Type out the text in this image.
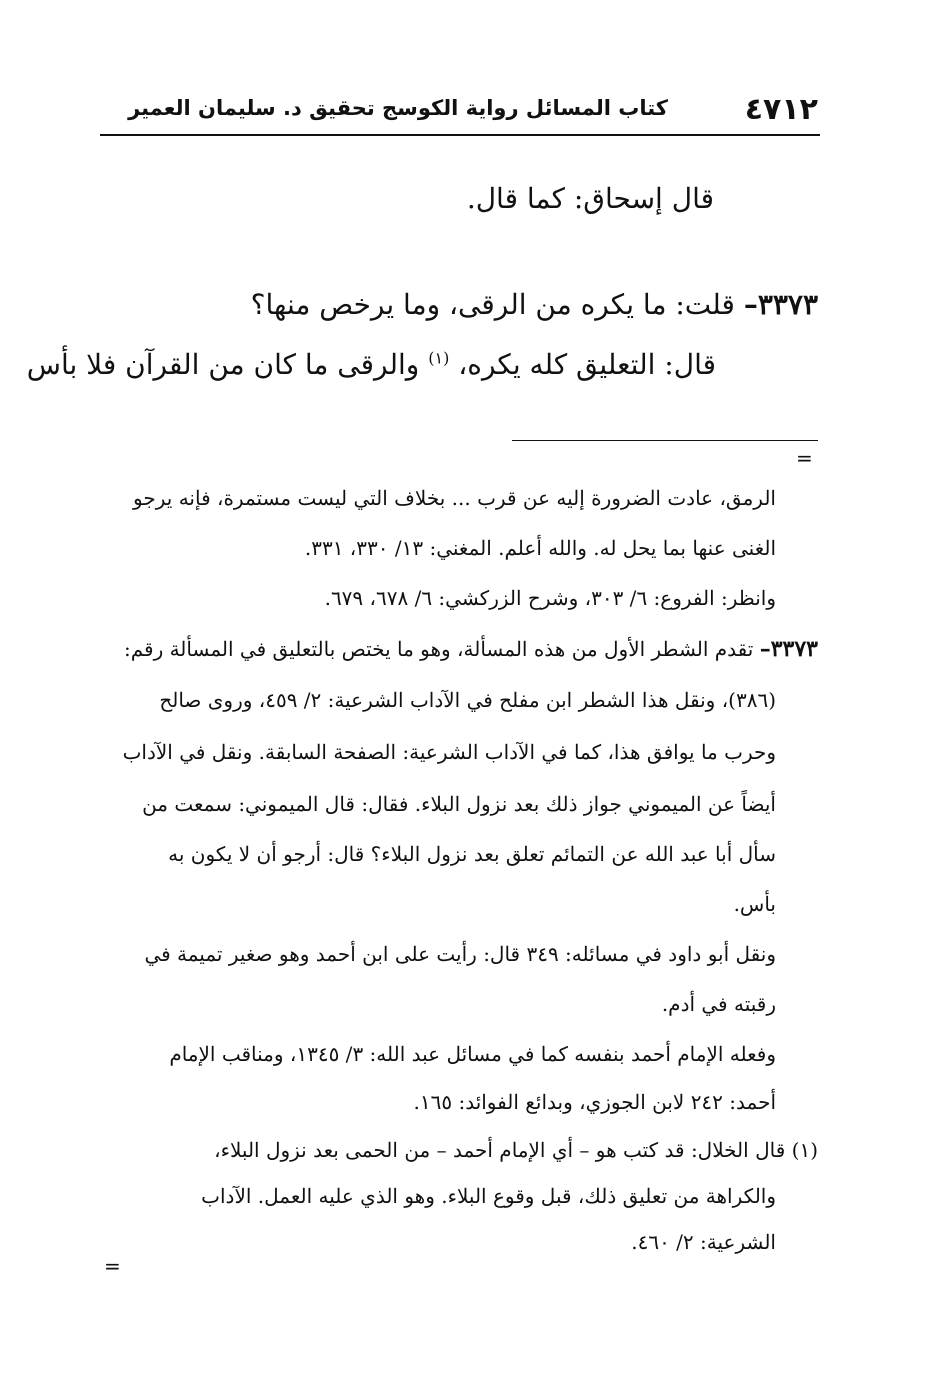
٤٧١٢
كتاب المسائل رواية الكوسج تحقيق د. سليمان العمير
قال إسحاق: كما قال.
٣٣٧٣– قلت: ما يكره من الرقى، وما يرخص منها؟
قال: التعليق كله يكره، $^{(١)}$ والرقى ما كان من القرآن فلا بأس
=
الرمق، عادت الضرورة إليه عن قرب ... بخلاف التي ليست مستمرة، فإنه يرجو
الغنى عنها بما يحل له. والله أعلم. المغني: ١٣/ ٣٣٠، ٣٣١.
وانظر: الفروع: ٦/ ٣٠٣، وشرح الزركشي: ٦/ ٦٧٨، ٦٧٩.
٣٣٧٣– تقدم الشطر الأول من هذه المسألة، وهو ما يختص بالتعليق في المسألة رقم:
(٣٨٦)، ونقل هذا الشطر ابن مفلح في الآداب الشرعية: ٢/ ٤٥٩، وروى صالح
وحرب ما يوافق هذا، كما في الآداب الشرعية: الصفحة السابقة. ونقل في الآداب
أيضاً عن الميموني جواز ذلك بعد نزول البلاء. فقال: قال الميموني: سمعت من
سأل أبا عبد الله عن التمائم تعلق بعد نزول البلاء؟ قال: أرجو أن لا يكون به
بأس.
ونقل أبو داود في مسائله: ٣٤٩ قال: رأيت على ابن أحمد وهو صغير تميمة في
رقبته في أدم.
وفعله الإمام أحمد بنفسه كما في مسائل عبد الله: ٣/ ١٣٤٥، ومناقب الإمام
أحمد: ٢٤٢ لابن الجوزي، وبدائع الفوائد: ١٦٥.
(١) قال الخلال: قد كتب هو – أي الإمام أحمد – من الحمى بعد نزول البلاء،
والكراهة من تعليق ذلك، قبل وقوع البلاء. وهو الذي عليه العمل. الآداب
الشرعية: ٢/ ٤٦٠.
=
